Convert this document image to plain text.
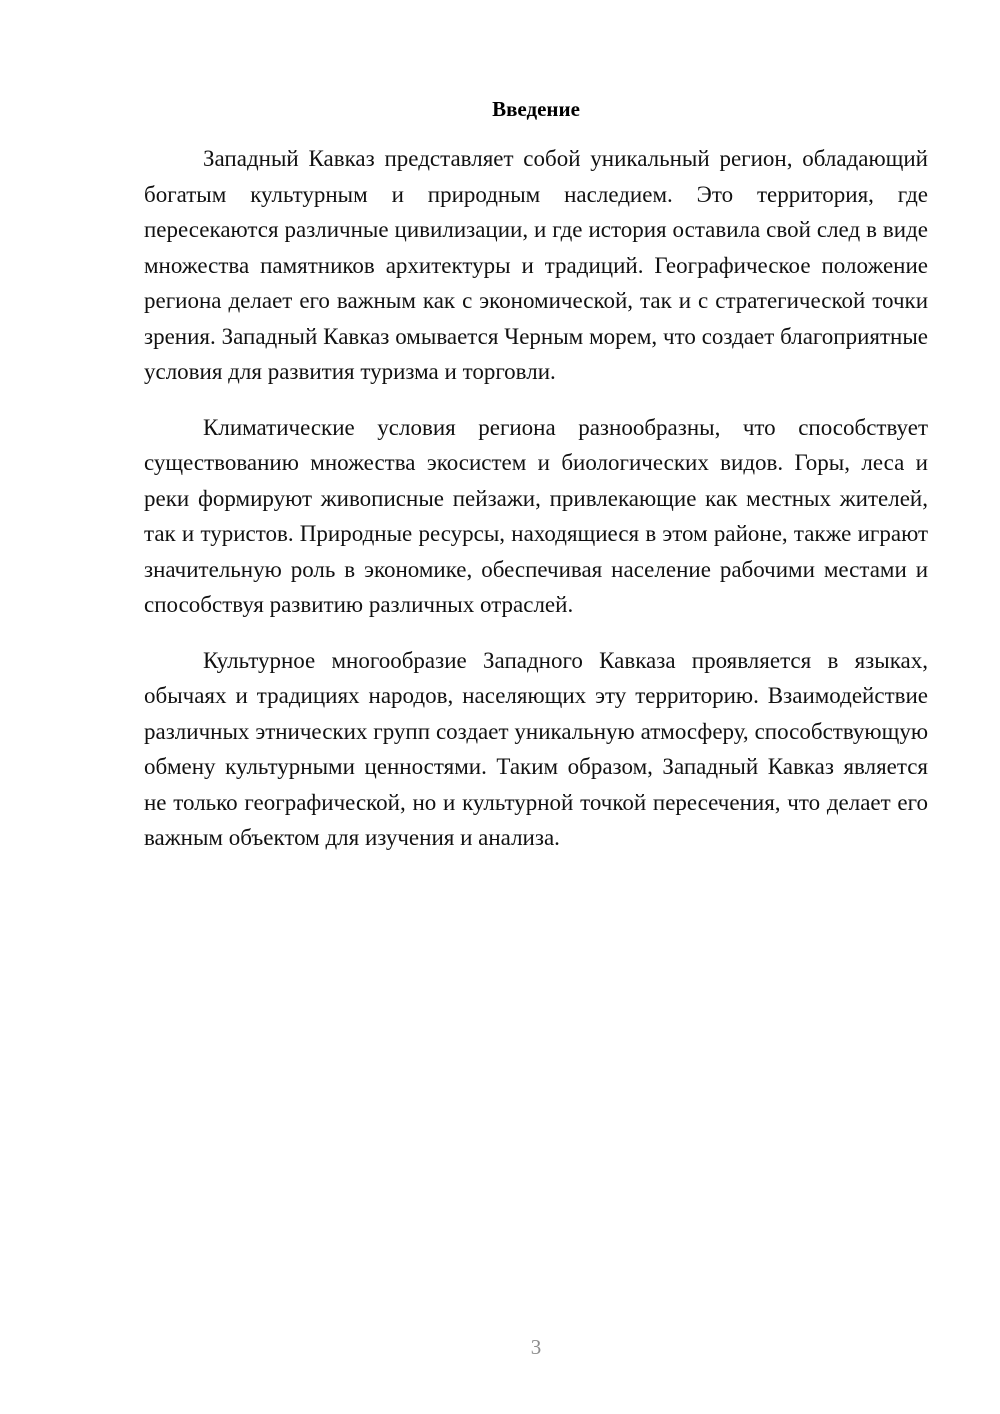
Введение

Западный Кавказ представляет собой уникальный регион, обладающий богатым культурным и природным наследием. Это территория, где пересекаются различные цивилизации, и где история оставила свой след в виде множества памятников архитектуры и традиций. Географическое положение региона делает его важным как с экономической, так и с стратегической точки зрения. Западный Кавказ омывается Черным морем, что создает благоприятные условия для развития туризма и торговли.

Климатические условия региона разнообразны, что способствует существованию множества экосистем и биологических видов. Горы, леса и реки формируют живописные пейзажи, привлекающие как местных жителей, так и туристов. Природные ресурсы, находящиеся в этом районе, также играют значительную роль в экономике, обеспечивая население рабочими местами и способствуя развитию различных отраслей.

Культурное многообразие Западного Кавказа проявляется в языках, обычаях и традициях народов, населяющих эту территорию. Взаимодействие различных этнических групп создает уникальную атмосферу, способствующую обмену культурными ценностями. Таким образом, Западный Кавказ является не только географической, но и культурной точкой пересечения, что делает его важным объектом для изучения и анализа.

3
